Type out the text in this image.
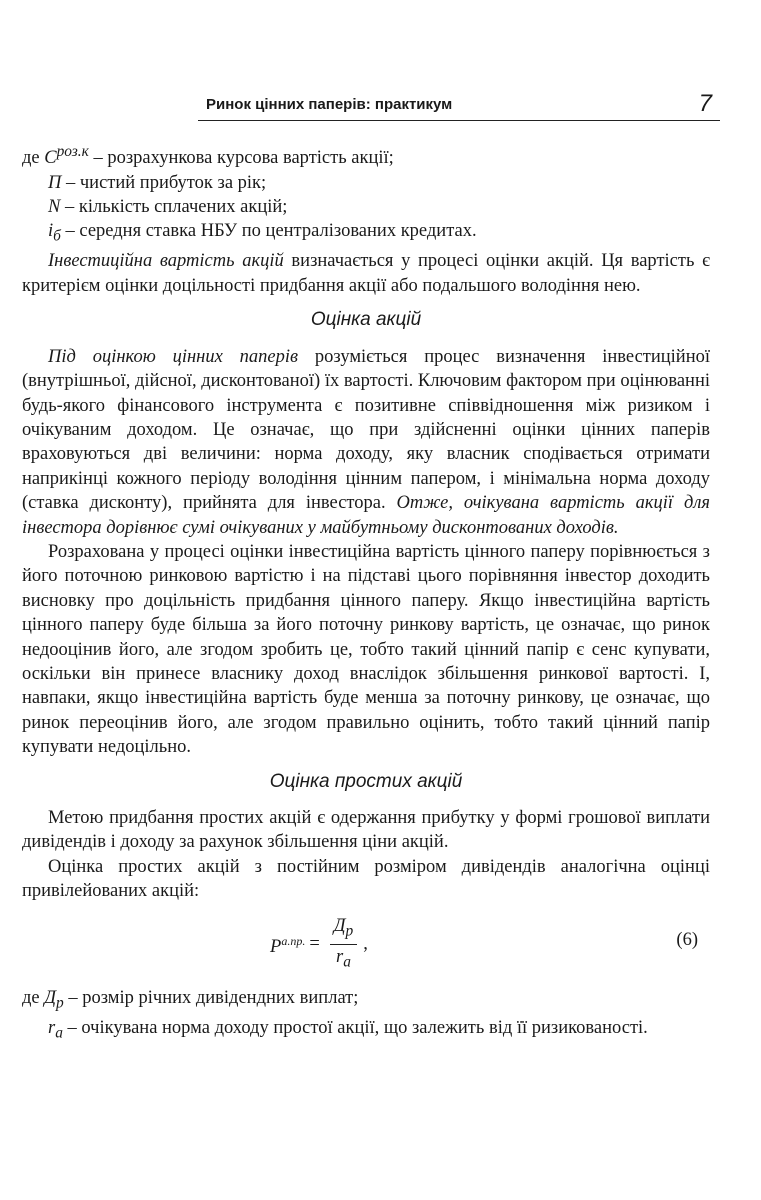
Ринок цінних паперів: практикум	7

де $C^{роз.к}$ – розрахункова курсова вартість акції;

П – чистий прибуток за рік;

N – кількість сплачених акцій;

$i_б$ – середня ставка НБУ по централізованих кредитах.

Інвестиційна вартість акцій визначається у процесі оцінки акцій. Ця вартість є критерієм оцінки доцільності придбання акції або подальшого володіння нею.

Оцінка акцій

Під оцінкою цінних паперів розуміється процес визначення інвестиційної (внутрішньої, дійсної, дисконтованої) їх вартості. Ключовим фактором при оцінюванні будь-якого фінансового інструмента є позитивне співвідношення між ризиком і очікуваним доходом. Це означає, що при здійсненні оцінки цінних паперів враховуються дві величини: норма доходу, яку власник сподівається отримати наприкінці кожного періоду володіння цінним папером, і мінімальна норма доходу (ставка дисконту), прийнята для інвестора. Отже, очікувана вартість акції для інвестора дорівнює сумі очікуваних у майбутньому дисконтованих доходів.

Розрахована у процесі оцінки інвестиційна вартість цінного паперу порівнюється з його поточною ринковою вартістю і на підставі цього порівняння інвестор доходить висновку про доцільність придбання цінного паперу. Якщо інвестиційна вартість цінного паперу буде більша за його поточну ринкову вартість, це означає, що ринок недооцінив його, але згодом зробить це, тобто такий цінний папір є сенс купувати, оскільки він принесе власнику доход внаслідок збільшення ринкової вартості. І, навпаки, якщо інвестиційна вартість буде менша за поточну ринкову, це означає, що ринок переоцінив його, але згодом правильно оцінить, тобто такий цінний папір купувати недоцільно.

Оцінка простих акцій

Метою придбання простих акцій є одержання прибутку у формі грошової виплати дивідендів і доходу за рахунок збільшення ціни акцій.

Оцінка простих акцій з постійним розміром дивідендів аналогічна оцінці привілейованих акцій:

$P^{а.пр.} = \frac{Д_р}{r_a}$ ,	(6)

де $Д_р$ – розмір річних дивідендних виплат;

$r_а$ – очікувана норма доходу простої акції, що залежить від її ризикованості.
